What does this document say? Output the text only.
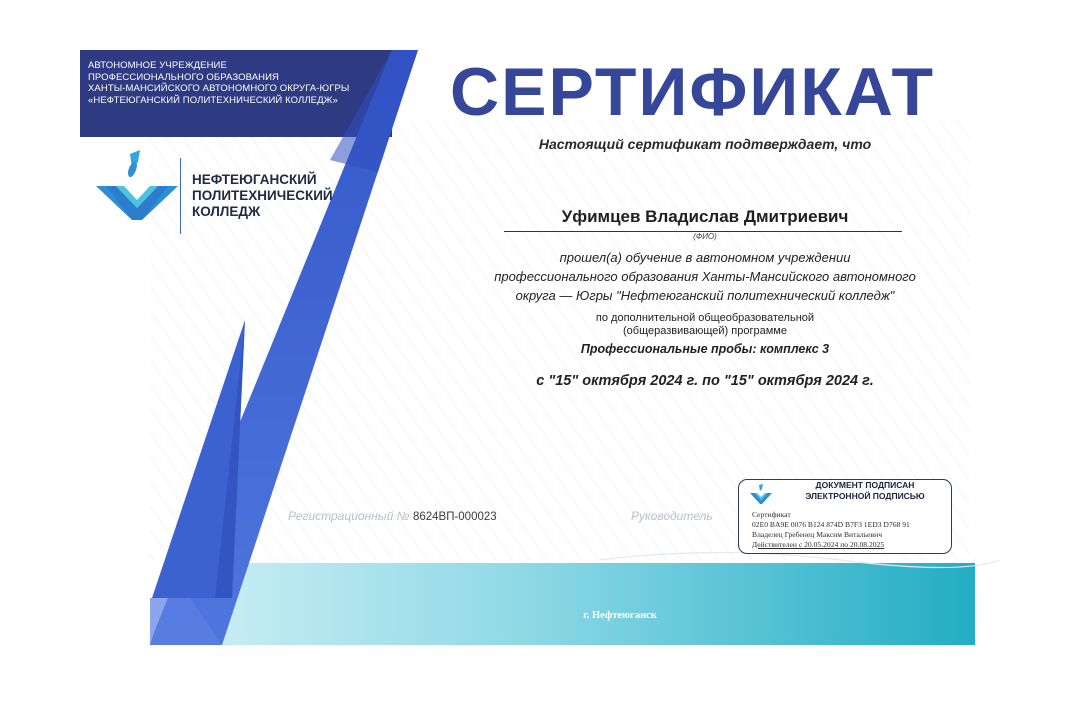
АВТОНОМНОЕ УЧРЕЖДЕНИЕ
ПРОФЕССИОНАЛЬНОГО ОБРАЗОВАНИЯ
ХАНТЫ-МАНСИЙСКОГО АВТОНОМНОГО ОКРУГА-ЮГРЫ
«НЕФТЕЮГАНСКИЙ ПОЛИТЕХНИЧЕСКИЙ КОЛЛЕДЖ»
НЕФТЕЮГАНСКИЙ
ПОЛИТЕХНИЧЕСКИЙ
КОЛЛЕДЖ
СЕРТИФИКАТ
Настоящий сертификат подтверждает, что
Уфимцев Владислав Дмитриевич
(ФИО)
прошел(а) обучение в автономном учреждении
профессионального образования Ханты-Мансийского автономного
округа — Югры "Нефтеюганский политехнический колледж"
по дополнительной общеобразовательной
(общеразвивающей) программе
Профессиональные пробы: комплекс 3
с "15" октября 2024 г. по "15" октября 2024 г.
Регистрационный № 8624ВП-000023	Руководитель
ДОКУМЕНТ ПОДПИСАН
ЭЛЕКТРОННОЙ ПОДПИСЬЮ
Сертификат
02E0 BA9E 0076 B124 874D B7F3 1ED3 D768 91
Владелец Гребенец Максим Витальевич
Действителен с 20.05.2024 по 20.08.2025
г. Нефтеюганск
